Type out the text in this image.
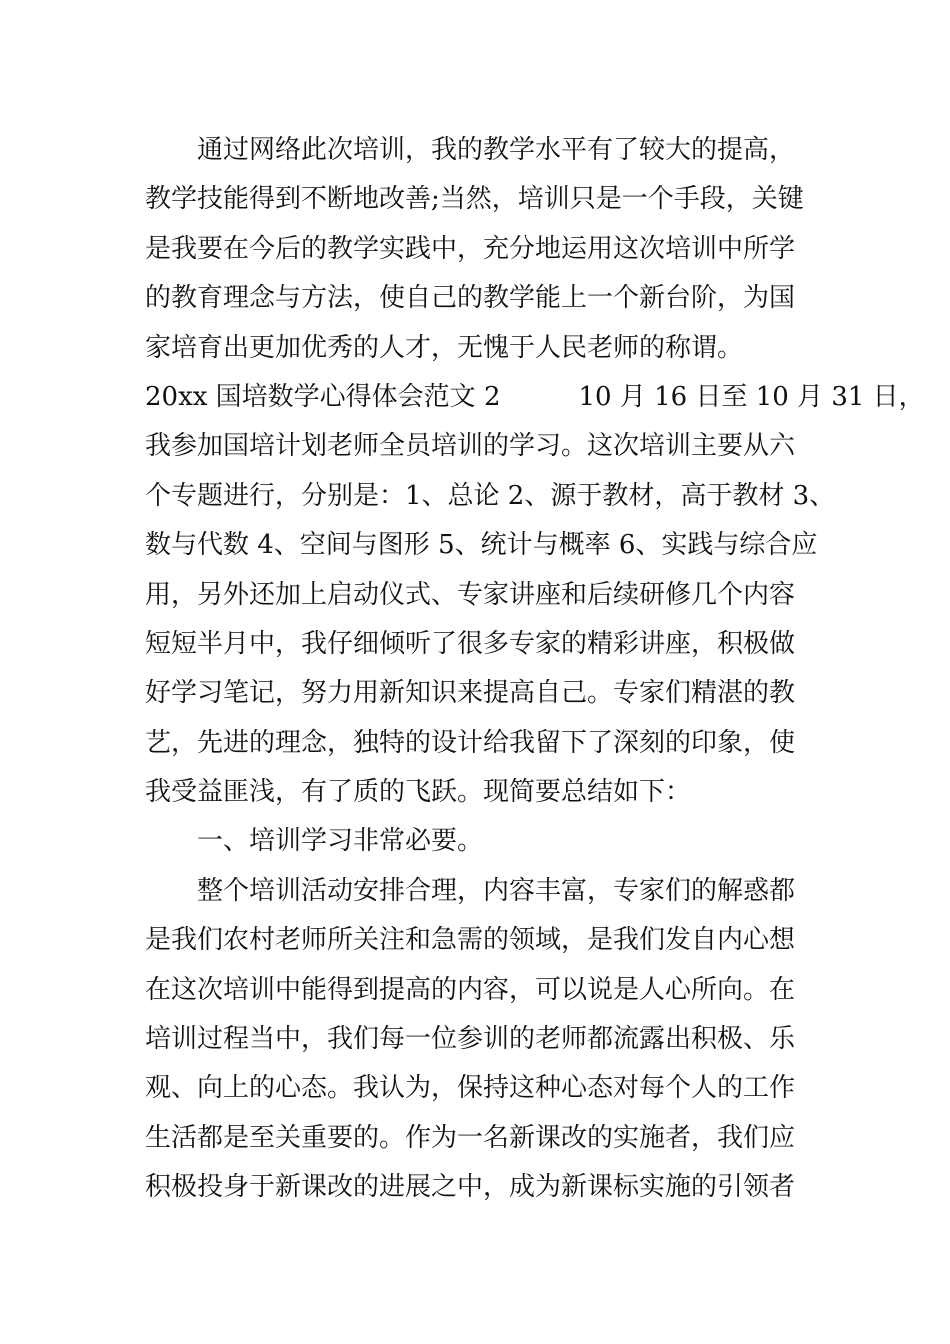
　　通过网络此次培训，我的教学水平有了较大的提高，
教学技能得到不断地改善;当然，培训只是一个手段，关键
是我要在今后的教学实践中，充分地运用这次培训中所学
的教育理念与方法，使自己的教学能上一个新台阶，为国
家培育出更加优秀的人才，无愧于人民老师的称谓。
20xx 国培数学心得体会范文 2　　　10 月 16 日至 10 月 31 日，
我参加国培计划老师全员培训的学习。这次培训主要从六
个专题进行，分别是：1、总论 2、源于教材，高于教材 3、
数与代数 4、空间与图形 5、统计与概率 6、实践与综合应
用，另外还加上启动仪式、专家讲座和后续研修几个内容
短短半月中，我仔细倾听了很多专家的精彩讲座，积极做
好学习笔记，努力用新知识来提高自己。专家们精湛的教
艺，先进的理念，独特的设计给我留下了深刻的印象，使
我受益匪浅，有了质的飞跃。现简要总结如下：
　　一、培训学习非常必要。
　　整个培训活动安排合理，内容丰富，专家们的解惑都
是我们农村老师所关注和急需的领域，是我们发自内心想
在这次培训中能得到提高的内容，可以说是人心所向。在
培训过程当中，我们每一位参训的老师都流露出积极、乐
观、向上的心态。我认为，保持这种心态对每个人的工作
生活都是至关重要的。作为一名新课改的实施者，我们应
积极投身于新课改的进展之中，成为新课标实施的引领者
